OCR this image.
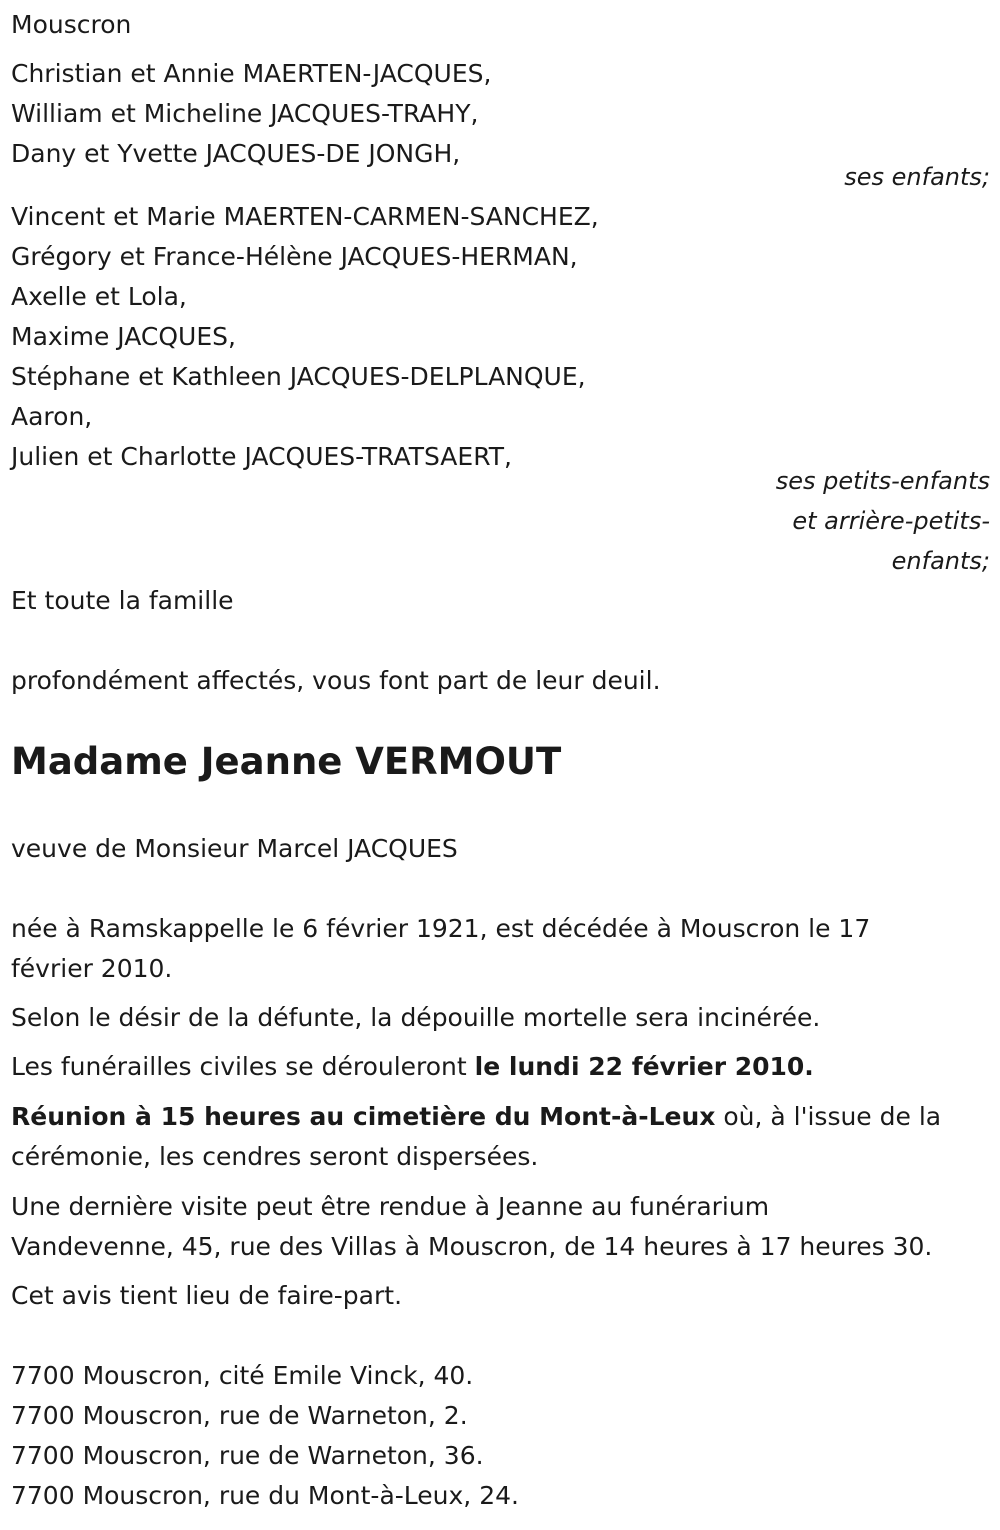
Mouscron
Christian et Annie MAERTEN-JACQUES,
William et Micheline JACQUES-TRAHY,
Dany et Yvette JACQUES-DE JONGH,
ses enfants;
Vincent et Marie MAERTEN-CARMEN-SANCHEZ,
Grégory et France-Hélène JACQUES-HERMAN,
Axelle et Lola,
Maxime JACQUES,
Stéphane et Kathleen JACQUES-DELPLANQUE,
Aaron,
Julien et Charlotte JACQUES-TRATSAERT,
ses petits-enfants
et arrière-petits-
enfants;
Et toute la famille
profondément affectés, vous font part de leur deuil.
Madame Jeanne VERMOUT
veuve de Monsieur Marcel JACQUES
née à Ramskappelle le 6 février 1921, est décédée à Mouscron le 17
février 2010.
Selon le désir de la défunte, la dépouille mortelle sera incinérée.
Les funérailles civiles se dérouleront le lundi 22 février 2010.
Réunion à 15 heures au cimetière du Mont-à-Leux où, à l'issue de la
cérémonie, les cendres seront dispersées.
Une dernière visite peut être rendue à Jeanne au funérarium
Vandevenne, 45, rue des Villas à Mouscron, de 14 heures à 17 heures 30.
Cet avis tient lieu de faire-part.
7700 Mouscron, cité Emile Vinck, 40.
7700 Mouscron, rue de Warneton, 2.
7700 Mouscron, rue de Warneton, 36.
7700 Mouscron, rue du Mont-à-Leux, 24.
